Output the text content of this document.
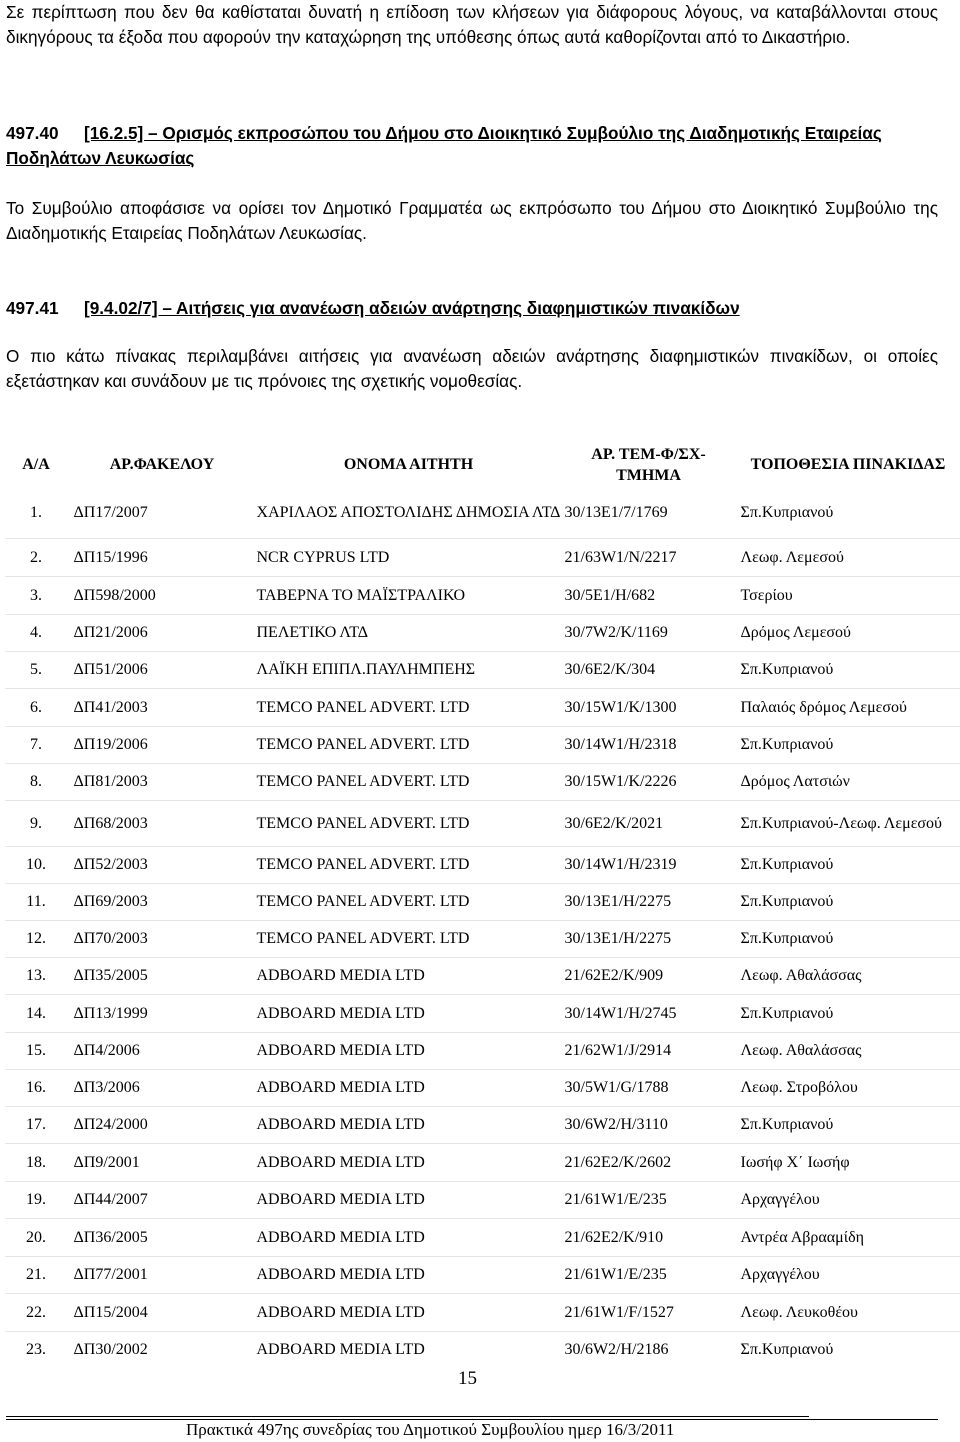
Σε περίπτωση που δεν θα καθίσταται δυνατή η επίδοση των κλήσεων για διάφορους λόγους, να καταβάλλονται στους δικηγόρους τα έξοδα που αφορούν την καταχώρηση της υπόθεσης όπως αυτά καθορίζονται από το Δικαστήριο.

497.40 [16.2.5] – Ορισμός εκπροσώπου του Δήμου στο Διοικητικό Συμβούλιο της Διαδημοτικής Εταιρείας Ποδηλάτων Λευκωσίας

Το Συμβούλιο αποφάσισε να ορίσει τον Δημοτικό Γραμματέα ως εκπρόσωπο του Δήμου στο Διοικητικό Συμβούλιο της Διαδημοτικής Εταιρείας Ποδηλάτων Λευκωσίας.

497.41 [9.4.02/7] – Αιτήσεις για ανανέωση αδειών ανάρτησης διαφημιστικών πινακίδων

Ο πιο κάτω πίνακας περιλαμβάνει αιτήσεις για ανανέωση αδειών ανάρτησης διαφημιστικών πινακίδων, οι οποίες εξετάστηκαν και συνάδουν με τις πρόνοιες της σχετικής νομοθεσίας.

Α/Α	ΑΡ.ΦΑΚΕΛΟΥ	ΟΝΟΜΑ ΑΙΤΗΤΗ	ΑΡ. ΤΕΜ-Φ/ΣΧ-ΤΜΗΜΑ	ΤΟΠΟΘΕΣΙΑ ΠΙΝΑΚΙΔΑΣ
1.	ΔΠ17/2007	ΧΑΡΙΛΑΟΣ ΑΠΟΣΤΟΛΙΔΗΣ ΔΗΜΟΣΙΑ ΛΤΔ	30/13Ε1/7/1769	Σπ.Κυπριανού
2.	ΔΠ15/1996	NCR CYPRUS LTD	21/63W1/N/2217	Λεωφ. Λεμεσού
3.	ΔΠ598/2000	ΤΑΒΕΡΝΑ ΤΟ ΜΑΪΣΤΡΑΛΙΚΟ	30/5Ε1/Η/682	Τσερίου
4.	ΔΠ21/2006	ΠΕΛΕΤΙΚΟ ΛΤΔ	30/7W2/K/1169	Δρόμος Λεμεσού
5.	ΔΠ51/2006	ΛΑΪΚΗ ΕΠΙΠΛ.ΠΑΥΛΗΜΠΕΗΣ	30/6Ε2/Κ/304	Σπ.Κυπριανού
6.	ΔΠ41/2003	TEMCO PANEL ADVERT. LTD	30/15W1/K/1300	Παλαιός δρόμος Λεμεσού
7.	ΔΠ19/2006	TEMCO PANEL ADVERT. LTD	30/14W1/H/2318	Σπ.Κυπριανού
8.	ΔΠ81/2003	TEMCO PANEL ADVERT. LTD	30/15W1/K/2226	Δρόμος Λατσιών
9.	ΔΠ68/2003	TEMCO PANEL ADVERT. LTD	30/6Ε2/Κ/2021	Σπ.Κυπριανού-Λεωφ. Λεμεσού
10.	ΔΠ52/2003	TEMCO PANEL ADVERT. LTD	30/14W1/H/2319	Σπ.Κυπριανού
11.	ΔΠ69/2003	TEMCO PANEL ADVERT. LTD	30/13Ε1/Η/2275	Σπ.Κυπριανού
12.	ΔΠ70/2003	TEMCO PANEL ADVERT. LTD	30/13Ε1/Η/2275	Σπ.Κυπριανού
13.	ΔΠ35/2005	ADBOARD MEDIA LTD	21/62Ε2/Κ/909	Λεωφ. Αθαλάσσας
14.	ΔΠ13/1999	ADBOARD MEDIA LTD	30/14W1/H/2745	Σπ.Κυπριανού
15.	ΔΠ4/2006	ADBOARD MEDIA LTD	21/62W1/J/2914	Λεωφ. Αθαλάσσας
16.	ΔΠ3/2006	ADBOARD MEDIA LTD	30/5W1/G/1788	Λεωφ. Στροβόλου
17.	ΔΠ24/2000	ADBOARD MEDIA LTD	30/6W2/H/3110	Σπ.Κυπριανού
18.	ΔΠ9/2001	ADBOARD MEDIA LTD	21/62Ε2/Κ/2602	Ιωσήφ Χ΄ Ιωσήφ
19.	ΔΠ44/2007	ADBOARD MEDIA LTD	21/61W1/E/235	Αρχαγγέλου
20.	ΔΠ36/2005	ADBOARD MEDIA LTD	21/62Ε2/Κ/910	Αντρέα Αβρααμίδη
21.	ΔΠ77/2001	ADBOARD MEDIA LTD	21/61W1/E/235	Αρχαγγέλου
22.	ΔΠ15/2004	ADBOARD MEDIA LTD	21/61W1/F/1527	Λεωφ. Λευκοθέου
23.	ΔΠ30/2002	ADBOARD MEDIA LTD	30/6W2/H/2186	Σπ.Κυπριανού
15
Πρακτικά 497ης συνεδρίας του Δημοτικού Συμβουλίου ημερ 16/3/2011
